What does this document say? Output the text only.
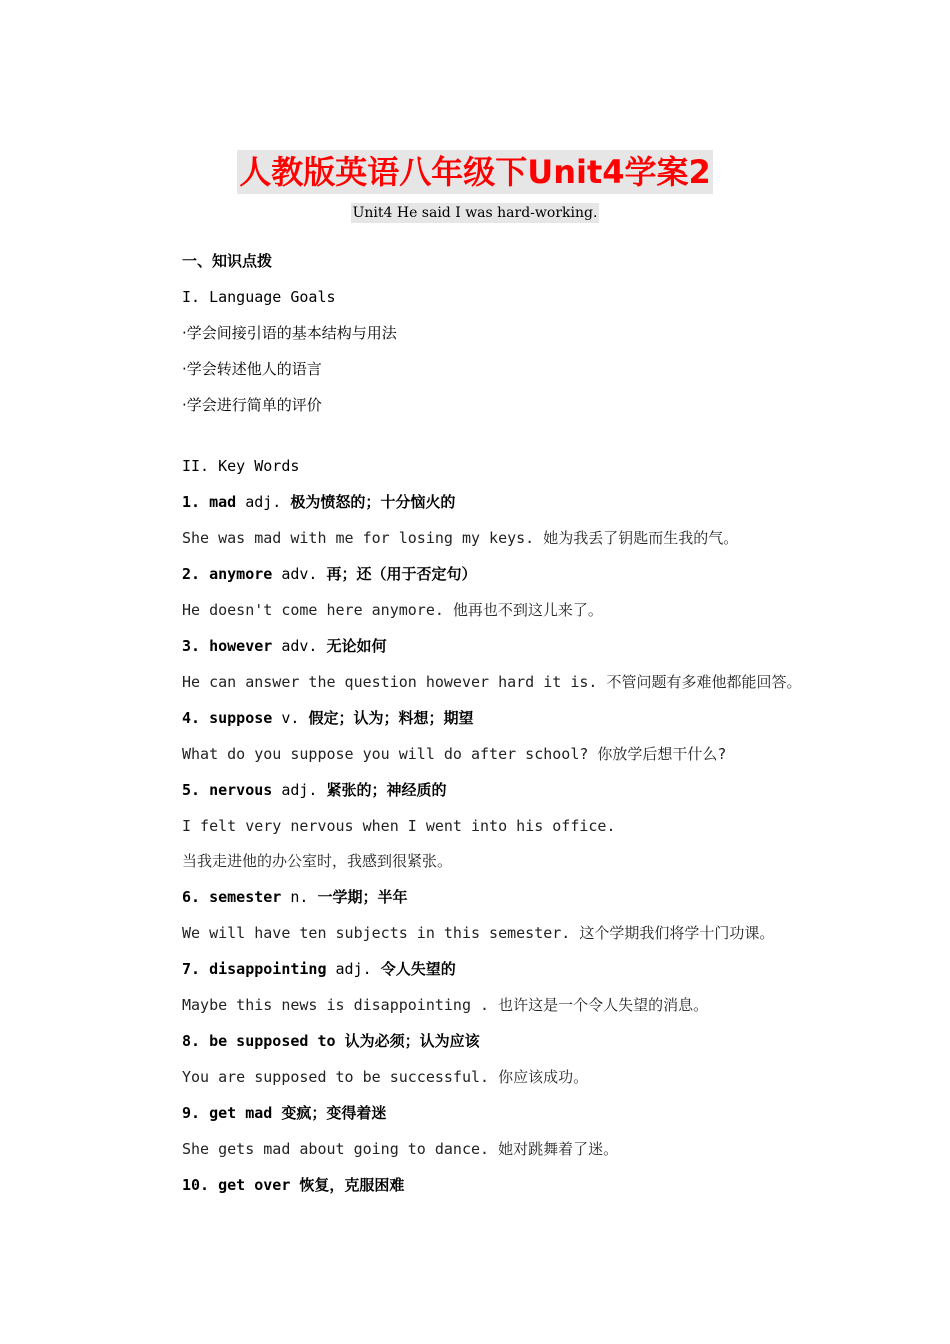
人教版英语八年级下Unit4学案2
Unit4 He said I was hard-working.
一、知识点拨
I. Language Goals
·学会间接引语的基本结构与用法
·学会转述他人的语言
·学会进行简单的评价
II. Key Words
1. mad adj. 极为愤怒的；十分恼火的
She was mad with me for losing my keys. 她为我丢了钥匙而生我的气。
2. anymore adv. 再；还（用于否定句）
He doesn't come here anymore. 他再也不到这儿来了。
3. however adv. 无论如何
He can answer the question however hard it is. 不管问题有多难他都能回答。
4. suppose v. 假定；认为；料想；期望
What do you suppose you will do after school? 你放学后想干什么?
5. nervous adj. 紧张的；神经质的
I felt very nervous when I went into his office.
当我走进他的办公室时，我感到很紧张。
6. semester n. 一学期；半年
We will have ten subjects in this semester. 这个学期我们将学十门功课。
7. disappointing adj. 令人失望的
Maybe this news is disappointing . 也许这是一个令人失望的消息。
8. be supposed to 认为必须；认为应该
You are supposed to be successful. 你应该成功。
9. get mad 变疯；变得着迷
She gets mad about going to dance. 她对跳舞着了迷。
10. get over 恢复，克服困难
